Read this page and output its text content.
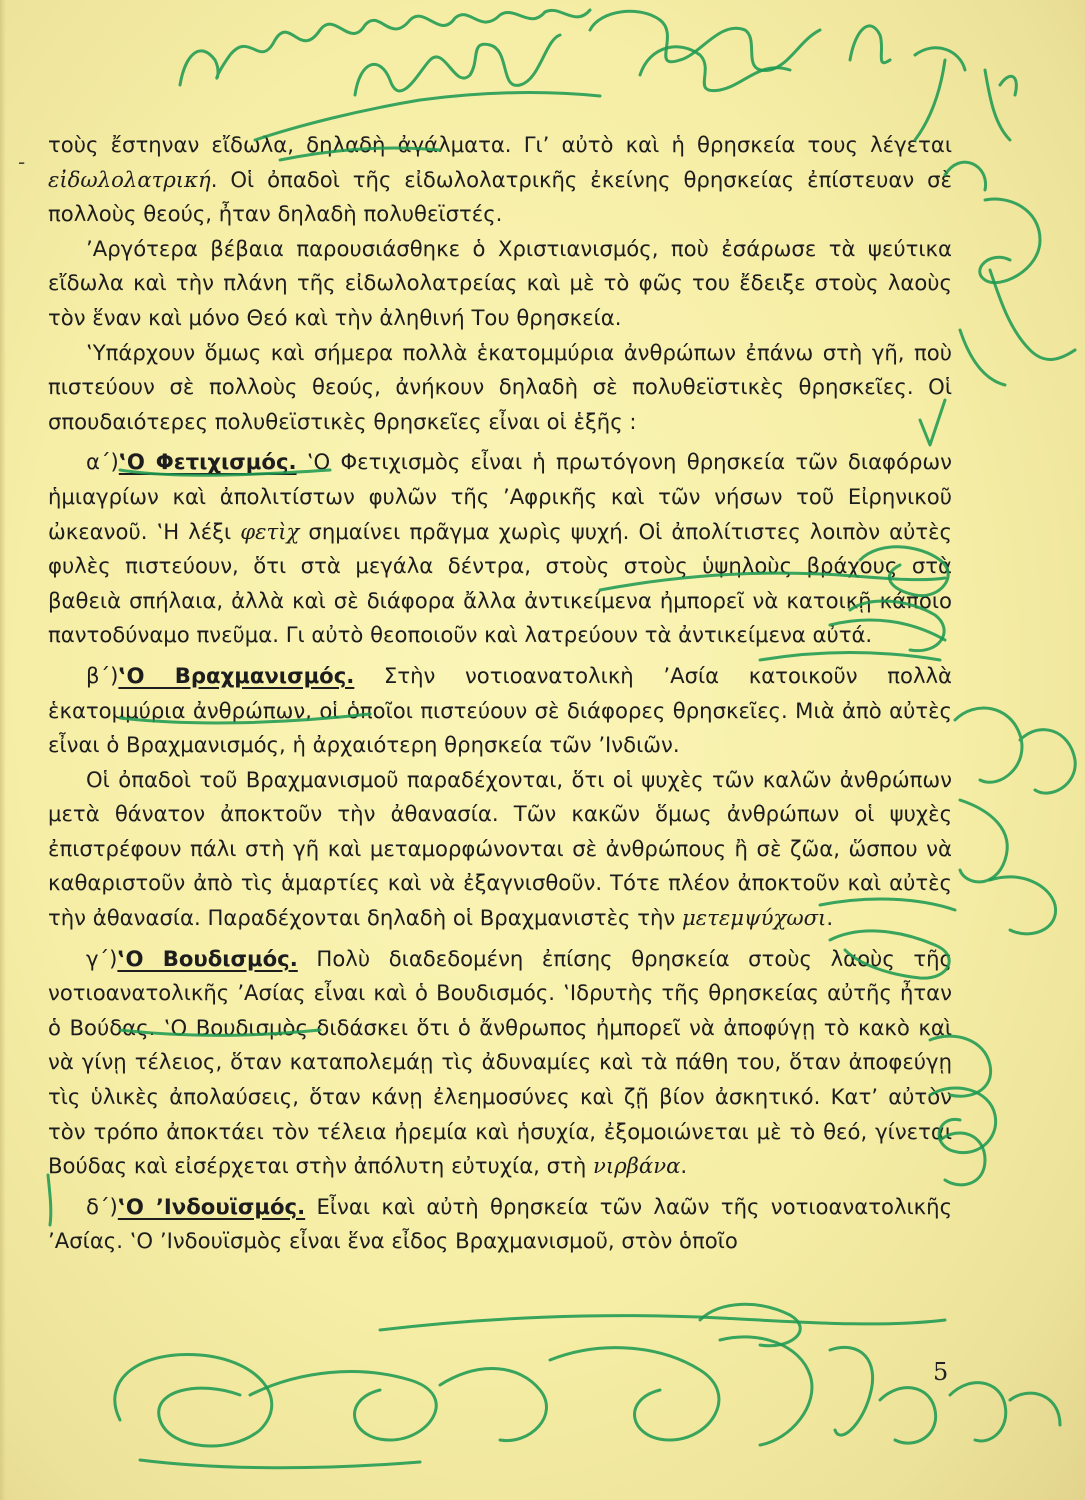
-

τοὺς ἔστηναν εἴδωλα, δηλαδὴ ἀγάλματα. Γι’ αὐτὸ καὶ ἡ θρησκεία τους λέγεται εἰδωλολατρική. Οἱ ὀπαδοὶ τῆς εἰδωλολατρικῆς ἐκείνης θρησκείας ἐπίστευαν σὲ πολλοὺς θεούς, ἦταν δηλαδὴ πολυθεϊστές.

’Αργότερα βέβαια παρουσιάσθηκε ὁ Χριστιανισμός, ποὺ ἐσάρωσε τὰ ψεύτικα εἴδωλα καὶ τὴν πλάνη τῆς εἰδωλολατρείας καὶ μὲ τὸ φῶς του ἔδειξε στοὺς λαοὺς τὸν ἕναν καὶ μόνο Θεό καὶ τὴν ἀληθινή Του θρησκεία.

‛Υπάρχουν ὅμως καὶ σήμερα πολλὰ ἑκατομμύρια ἀνθρώπων ἐπάνω στὴ γῆ, ποὺ πιστεύουν σὲ πολλοὺς θεούς, ἀνήκουν δηλαδὴ σὲ πολυθεϊστικὲς θρησκεῖες. Οἱ σπουδαιότερες πολυθεϊστικὲς θρησκεῖες εἶναι οἱ ἑξῆς :

α΄)‛Ο Φετιχισμός. ‛Ο Φετιχισμὸς εἶναι ἡ πρωτόγονη θρησκεία τῶν διαφόρων ἡμιαγρίων καὶ ἀπολιτίστων φυλῶν τῆς ’Αφρικῆς καὶ τῶν νήσων τοῦ Εἰρηνικοῦ ὠκεανοῦ. ‛Η λέξι φετὶχ σημαίνει πρᾶγμα χωρὶς ψυχή. Οἱ ἀπολίτιστες λοιπὸν αὐτὲς φυλὲς πιστεύουν, ὅτι στὰ μεγάλα δέντρα, στοὺς στοὺς ὑψηλοὺς βράχους στὰ βαθειὰ σπήλαια, ἀλλὰ καὶ σὲ διάφορα ἄλλα ἀντικείμενα ἠμπορεῖ νὰ κατοικῇ κάποιο παντοδύναμο πνεῦμα. Γι αὐτὸ θεοποιοῦν καὶ λατρεύουν τὰ ἀντικείμενα αὐτά.

β΄)‛Ο Βραχμανισμός. Στὴν νοτιοανατολικὴ ’Ασία κατοικοῦν πολλὰ ἑκατομμύρια ἀνθρώπων, οἱ ὁποῖοι πιστεύουν σὲ διάφορες θρησκεῖες. Μιὰ ἀπὸ αὐτὲς εἶναι ὁ Βραχμανισμός, ἡ ἀρχαιότερη θρησκεία τῶν ’Ινδιῶν.

Οἱ ὀπαδοὶ τοῦ Βραχμανισμοῦ παραδέχονται, ὅτι οἱ ψυχὲς τῶν καλῶν ἀνθρώπων μετὰ θάνατον ἀποκτοῦν τὴν ἀθανασία. Τῶν κακῶν ὅμως ἀνθρώπων οἱ ψυχὲς ἐπιστρέφουν πάλι στὴ γῆ καὶ μεταμορφώνονται σὲ ἀνθρώπους ἢ σὲ ζῶα, ὥσπου νὰ καθαριστοῦν ἀπὸ τὶς ἁμαρτίες καὶ νὰ ἐξαγνισθοῦν. Τότε πλέον ἀποκτοῦν καὶ αὐτὲς τὴν ἀθανασία. Παραδέχονται δηλαδὴ οἱ Βραχμανιστὲς τὴν μετεμψύχωσι.

γ΄)‛Ο Βουδισμός. Πολὺ διαδεδομένη ἐπίσης θρησκεία στοὺς λαοὺς τῆς νοτιοανατολικῆς ’Ασίας εἶναι καὶ ὁ Βουδισμός. ‛Ιδρυτὴς τῆς θρησκείας αὐτῆς ἦταν ὁ Βούδας. ‛Ο Βουδισμὸς διδάσκει ὅτι ὁ ἄνθρωπος ἠμπορεῖ νὰ ἀποφύγῃ τὸ κακὸ καὶ νὰ γίνῃ τέλειος, ὅταν καταπολεμάῃ τὶς ἀδυναμίες καὶ τὰ πάθη του, ὅταν ἀποφεύγῃ τὶς ὑλικὲς ἀπολαύσεις, ὅταν κάνῃ ἐλεημοσύνες καὶ ζῇ βίον ἀσκητικό. Κατ’ αὐτὸν τὸν τρόπο ἀποκτάει τὸν τέλεια ἠρεμία καὶ ἡσυχία, ἐξομοιώνεται μὲ τὸ θεό, γίνεται Βούδας καὶ εἰσέρχεται στὴν ἀπόλυτη εὐτυχία, στὴ νιρβάνα.

δ΄)‛Ο ’Ινδουϊσμός. Εἶναι καὶ αὐτὴ θρησκεία τῶν λαῶν τῆς νοτιοανατολικῆς ’Ασίας. ‛Ο ’Ινδουϊσμὸς εἶναι ἕνα εἶδος Βραχμανισμοῦ, στὸν ὁποῖο

5
